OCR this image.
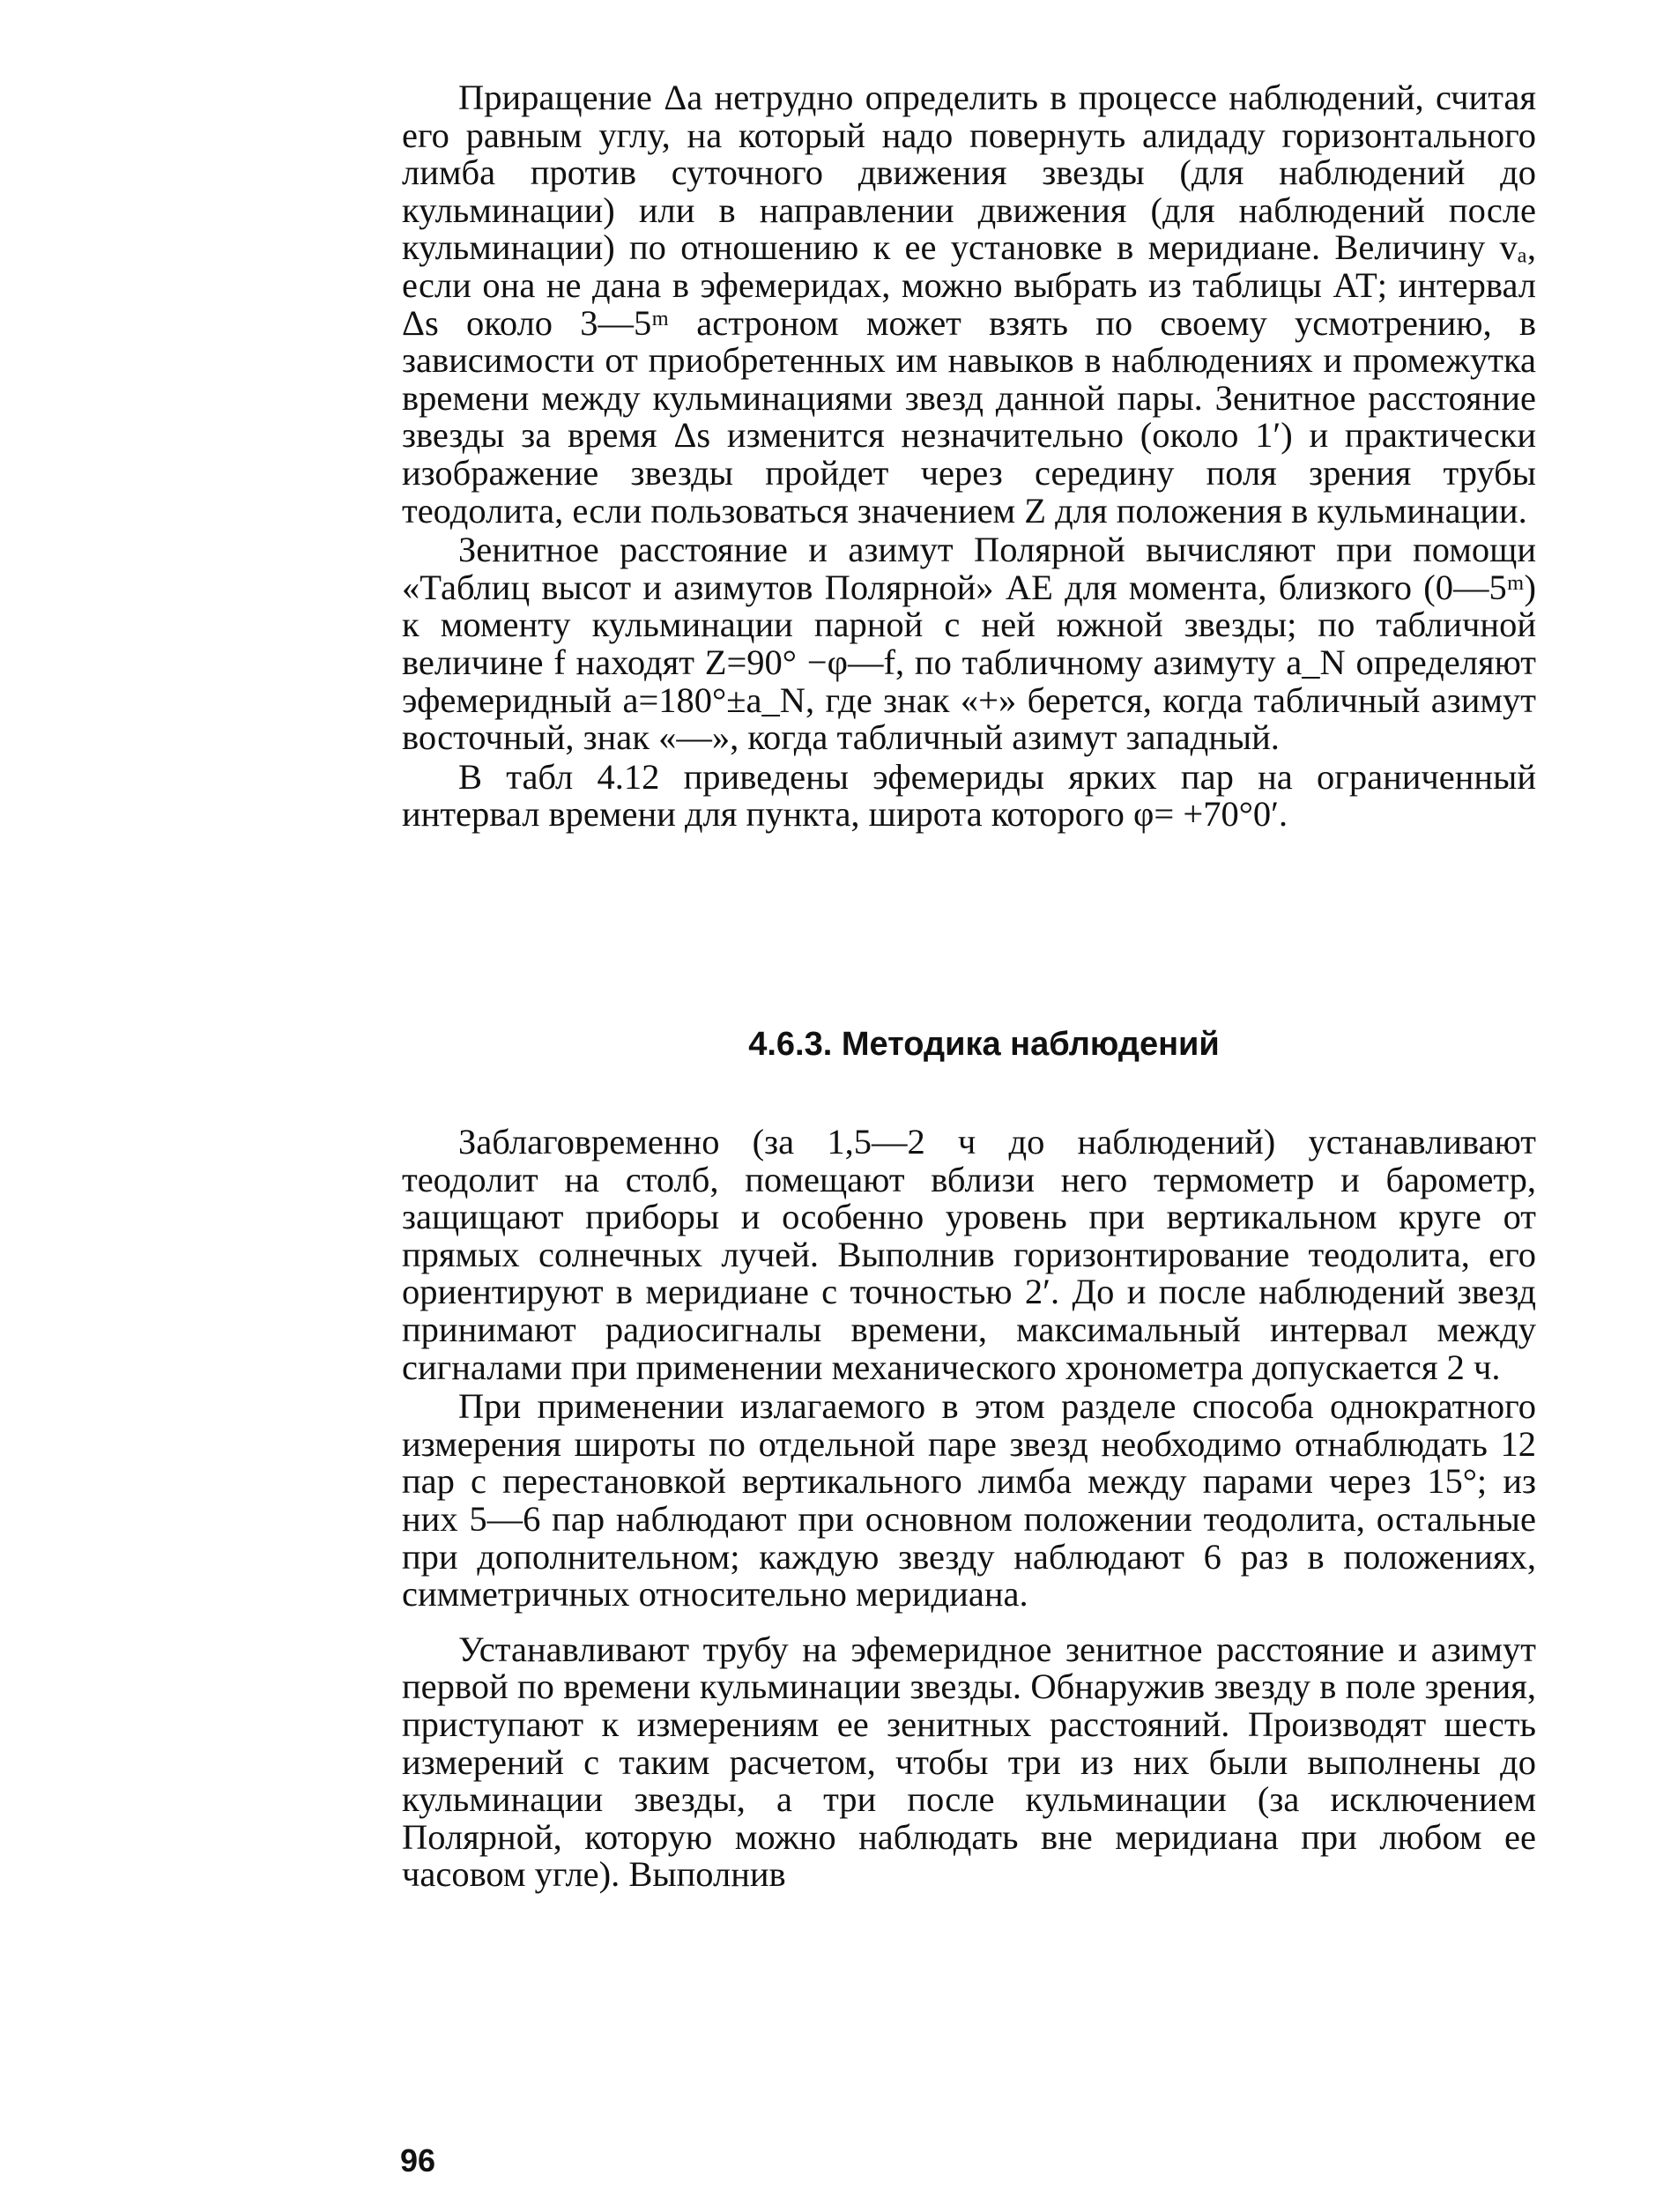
Приращение Δa нетрудно определить в процессе наблюдений, считая его равным углу, на который надо повернуть алидаду горизонтального лимба против суточного движения звезды (для наблюдений до кульминации) или в направлении движения (для наблюдений после кульминации) по отношению к ее установке в меридиане. Величину vₐ, если она не дана в эфемеридах, можно выбрать из таблицы АТ; интервал Δs около 3—5ᵐ астроном может взять по своему усмотрению, в зависимости от приобретенных им навыков в наблюдениях и промежутка времени между кульминациями звезд данной пары. Зенитное расстояние звезды за время Δs изменится незначительно (около 1′) и практически изображение звезды пройдет через середину поля зрения трубы теодолита, если пользоваться значением Z для положения в кульминации.

Зенитное расстояние и азимут Полярной вычисляют при помощи «Таблиц высот и азимутов Полярной» АЕ для момента, близкого (0—5ᵐ) к моменту кульминации парной с ней южной звезды; по табличной величине f находят Z=90° −φ—f, по табличному азимуту a_N определяют эфемеридный a=180°±a_N, где знак «+» берется, когда табличный азимут восточный, знак «—», когда табличный азимут западный.

В табл 4.12 приведены эфемериды ярких пар на ограниченный интервал времени для пункта, широта которого φ= +70°0′.

4.6.3. Методика наблюдений

Заблаговременно (за 1,5—2 ч до наблюдений) устанавливают теодолит на столб, помещают вблизи него термометр и барометр, защищают приборы и особенно уровень при вертикальном круге от прямых солнечных лучей. Выполнив горизонтирование теодолита, его ориентируют в меридиане с точностью 2′. До и после наблюдений звезд принимают радиосигналы времени, максимальный интервал между сигналами при применении механического хронометра допускается 2 ч.

При применении излагаемого в этом разделе способа однократного измерения широты по отдельной паре звезд необходимо отнаблюдать 12 пар с перестановкой вертикального лимба между парами через 15°; из них 5—6 пар наблюдают при основном положении теодолита, остальные при дополнительном; каждую звезду наблюдают 6 раз в положениях, симметричных относительно меридиана.

Устанавливают трубу на эфемеридное зенитное расстояние и азимут первой по времени кульминации звезды. Обнаружив звезду в поле зрения, приступают к измерениям ее зенитных расстояний. Производят шесть измерений с таким расчетом, чтобы три из них были выполнены до кульминации звезды, а три после кульминации (за исключением Полярной, которую можно наблюдать вне меридиана при любом ее часовом угле). Выполнив

96
